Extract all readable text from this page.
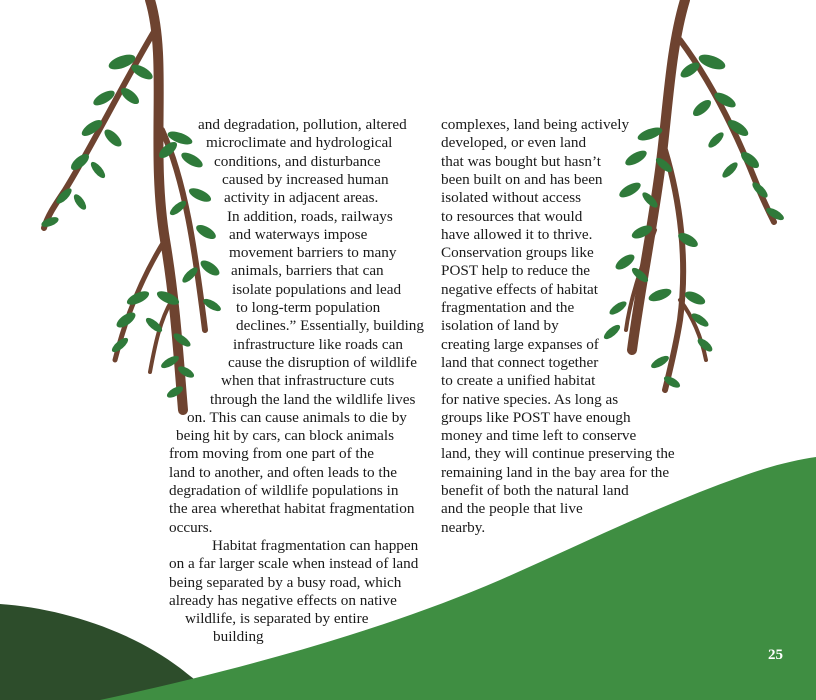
and degradation, pollution, altered
microclimate and hydrological
conditions, and disturbance
caused by increased human
activity in adjacent areas.
In addition, roads, railways
and waterways impose
movement barriers to many
animals, barriers that can
isolate populations and lead
to long-term population
declines.” Essentially, building
infrastructure like roads can
cause the disruption of wildlife
when that infrastructure cuts
through the land the wildlife lives
on. This can cause animals to die by
being hit by cars, can block animals
from moving from one part of the
land to another, and often leads to the
degradation of wildlife populations in
the area wherethat habitat fragmentation
occurs.
Habitat fragmentation can happen
on a far larger scale when instead of land
being separated by a busy road, which
already has negative effects on native
wildlife, is separated by entire
building
complexes, land being actively
developed, or even land
that was bought but hasn’t
been built on and has been
isolated without access
to resources that would
have allowed it to thrive.
Conservation groups like
POST help to reduce the
negative effects of habitat
fragmentation and the
isolation of land by
creating large expanses of
land that connect together
to create a unified habitat
for native species. As long as
groups like POST have enough
money and time left to conserve
land, they will continue preserving the
remaining land in the bay area for the
benefit of both the natural land
and the people that live
nearby.
25
